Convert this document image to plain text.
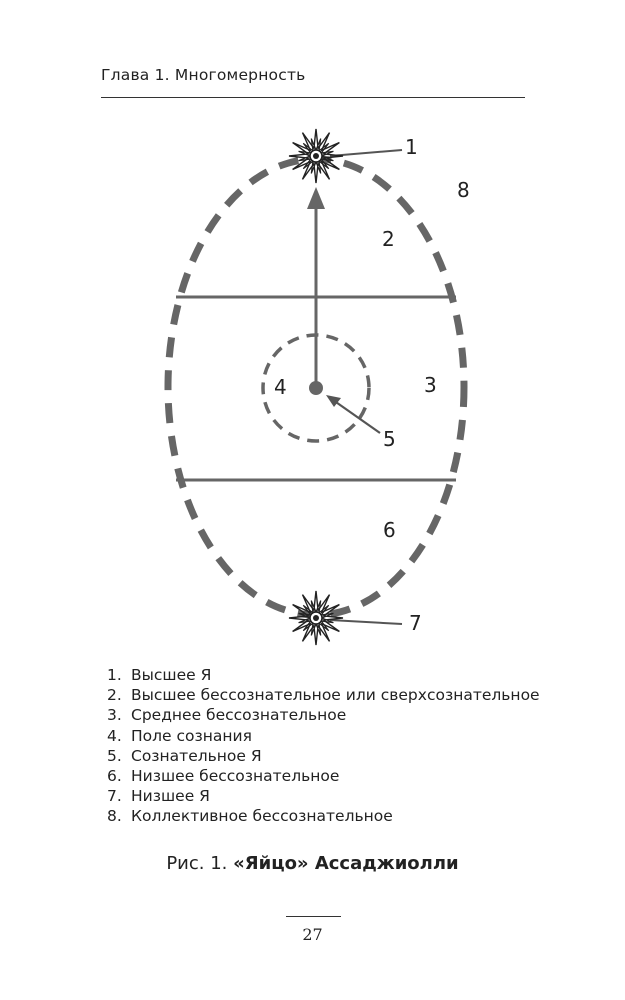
Глава 1. Многомерность
1
2
3
4
5
6
7
8
1. Высшее Я
2. Высшее бессознательное или сверхсознательное
3. Среднее бессознательное
4. Поле сознания
5. Сознательное Я
6. Низшее бессознательное
7. Низшее Я
8. Коллективное бессознательное
Рис. 1. «Яйцо» Ассаджиолли
27
